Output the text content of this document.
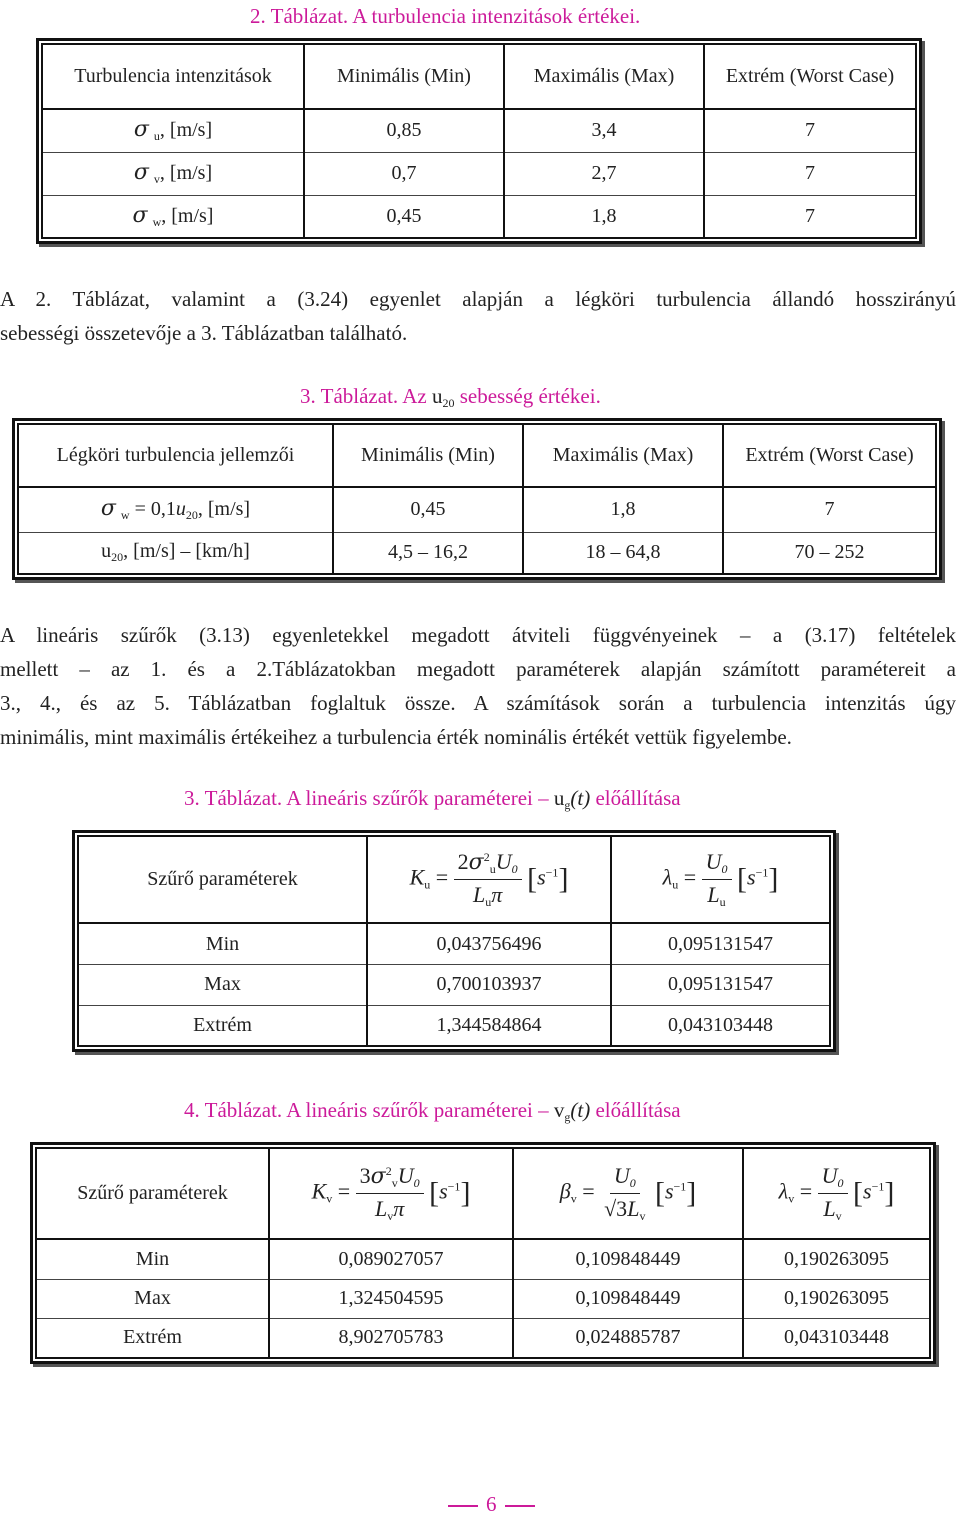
2. Táblázat. A turbulencia intenzitások értékei.
Turbulencia intenzitások	Minimális (Min)	Maximális (Max)	Extrém (Worst Case)
σ $_u$, [m/s]	0,85	3,4	7
σ $_v$, [m/s]	0,7	2,7	7
σ $_w$, [m/s]	0,45	1,8	7
A 2. Táblázat, valamint a (3.24) egyenlet alapján a légköri turbulencia állandó hosszirányú
sebességi összetevője a 3. Táblázatban található.
3. Táblázat. Az $u_{20}$ sebesség értékei.
Légköri turbulencia jellemzői	Minimális (Min)	Maximális (Max)	Extrém (Worst Case)
σ $_w = 0,1u_{20}$, [m/s]	0,45	1,8	7
$u_{20}$, [m/s] – [km/h]	4,5 – 16,2	18 – 64,8	70 – 252
A lineáris szűrők (3.13) egyenletekkel megadott átviteli függvényeinek – a (3.17) feltételek
mellett – az 1. és a 2.Táblázatokban megadott paraméterek alapján számított paramétereit a
3., 4., és az 5. Táblázatban foglaltuk össze. A számítások során a turbulencia intenzitás úgy
minimális, mint maximális értékeihez a turbulencia érték nominális értékét vettük figyelembe.
3. Táblázat. A lineáris szűrők paraméterei – $u_g(t)$ előállítása
Szűrő paraméterek	$K_u = \frac{2\sigma^2_uU_0}{L_u\pi} [s^{-1}]$	$\lambda_u = \frac{U_0}{L_u} [s^{-1}]$
Min	0,043756496	0,095131547
Max	0,700103937	0,095131547
Extrém	1,344584864	0,043103448
4. Táblázat. A lineáris szűrők paraméterei – $v_g(t)$ előállítása
Szűrő paraméterek	$K_v = \frac{3\sigma^2_vU_0}{L_v\pi} [s^{-1}]$	$\beta_v = \frac{U_0}{√3L_v} [s^{-1}]$	$\lambda_v = \frac{U_0}{L_v} [s^{-1}]$
Min	0,089027057	0,109848449	0,190263095
Max	1,324504595	0,109848449	0,190263095
Extrém	8,902705783	0,024885787	0,043103448
6
